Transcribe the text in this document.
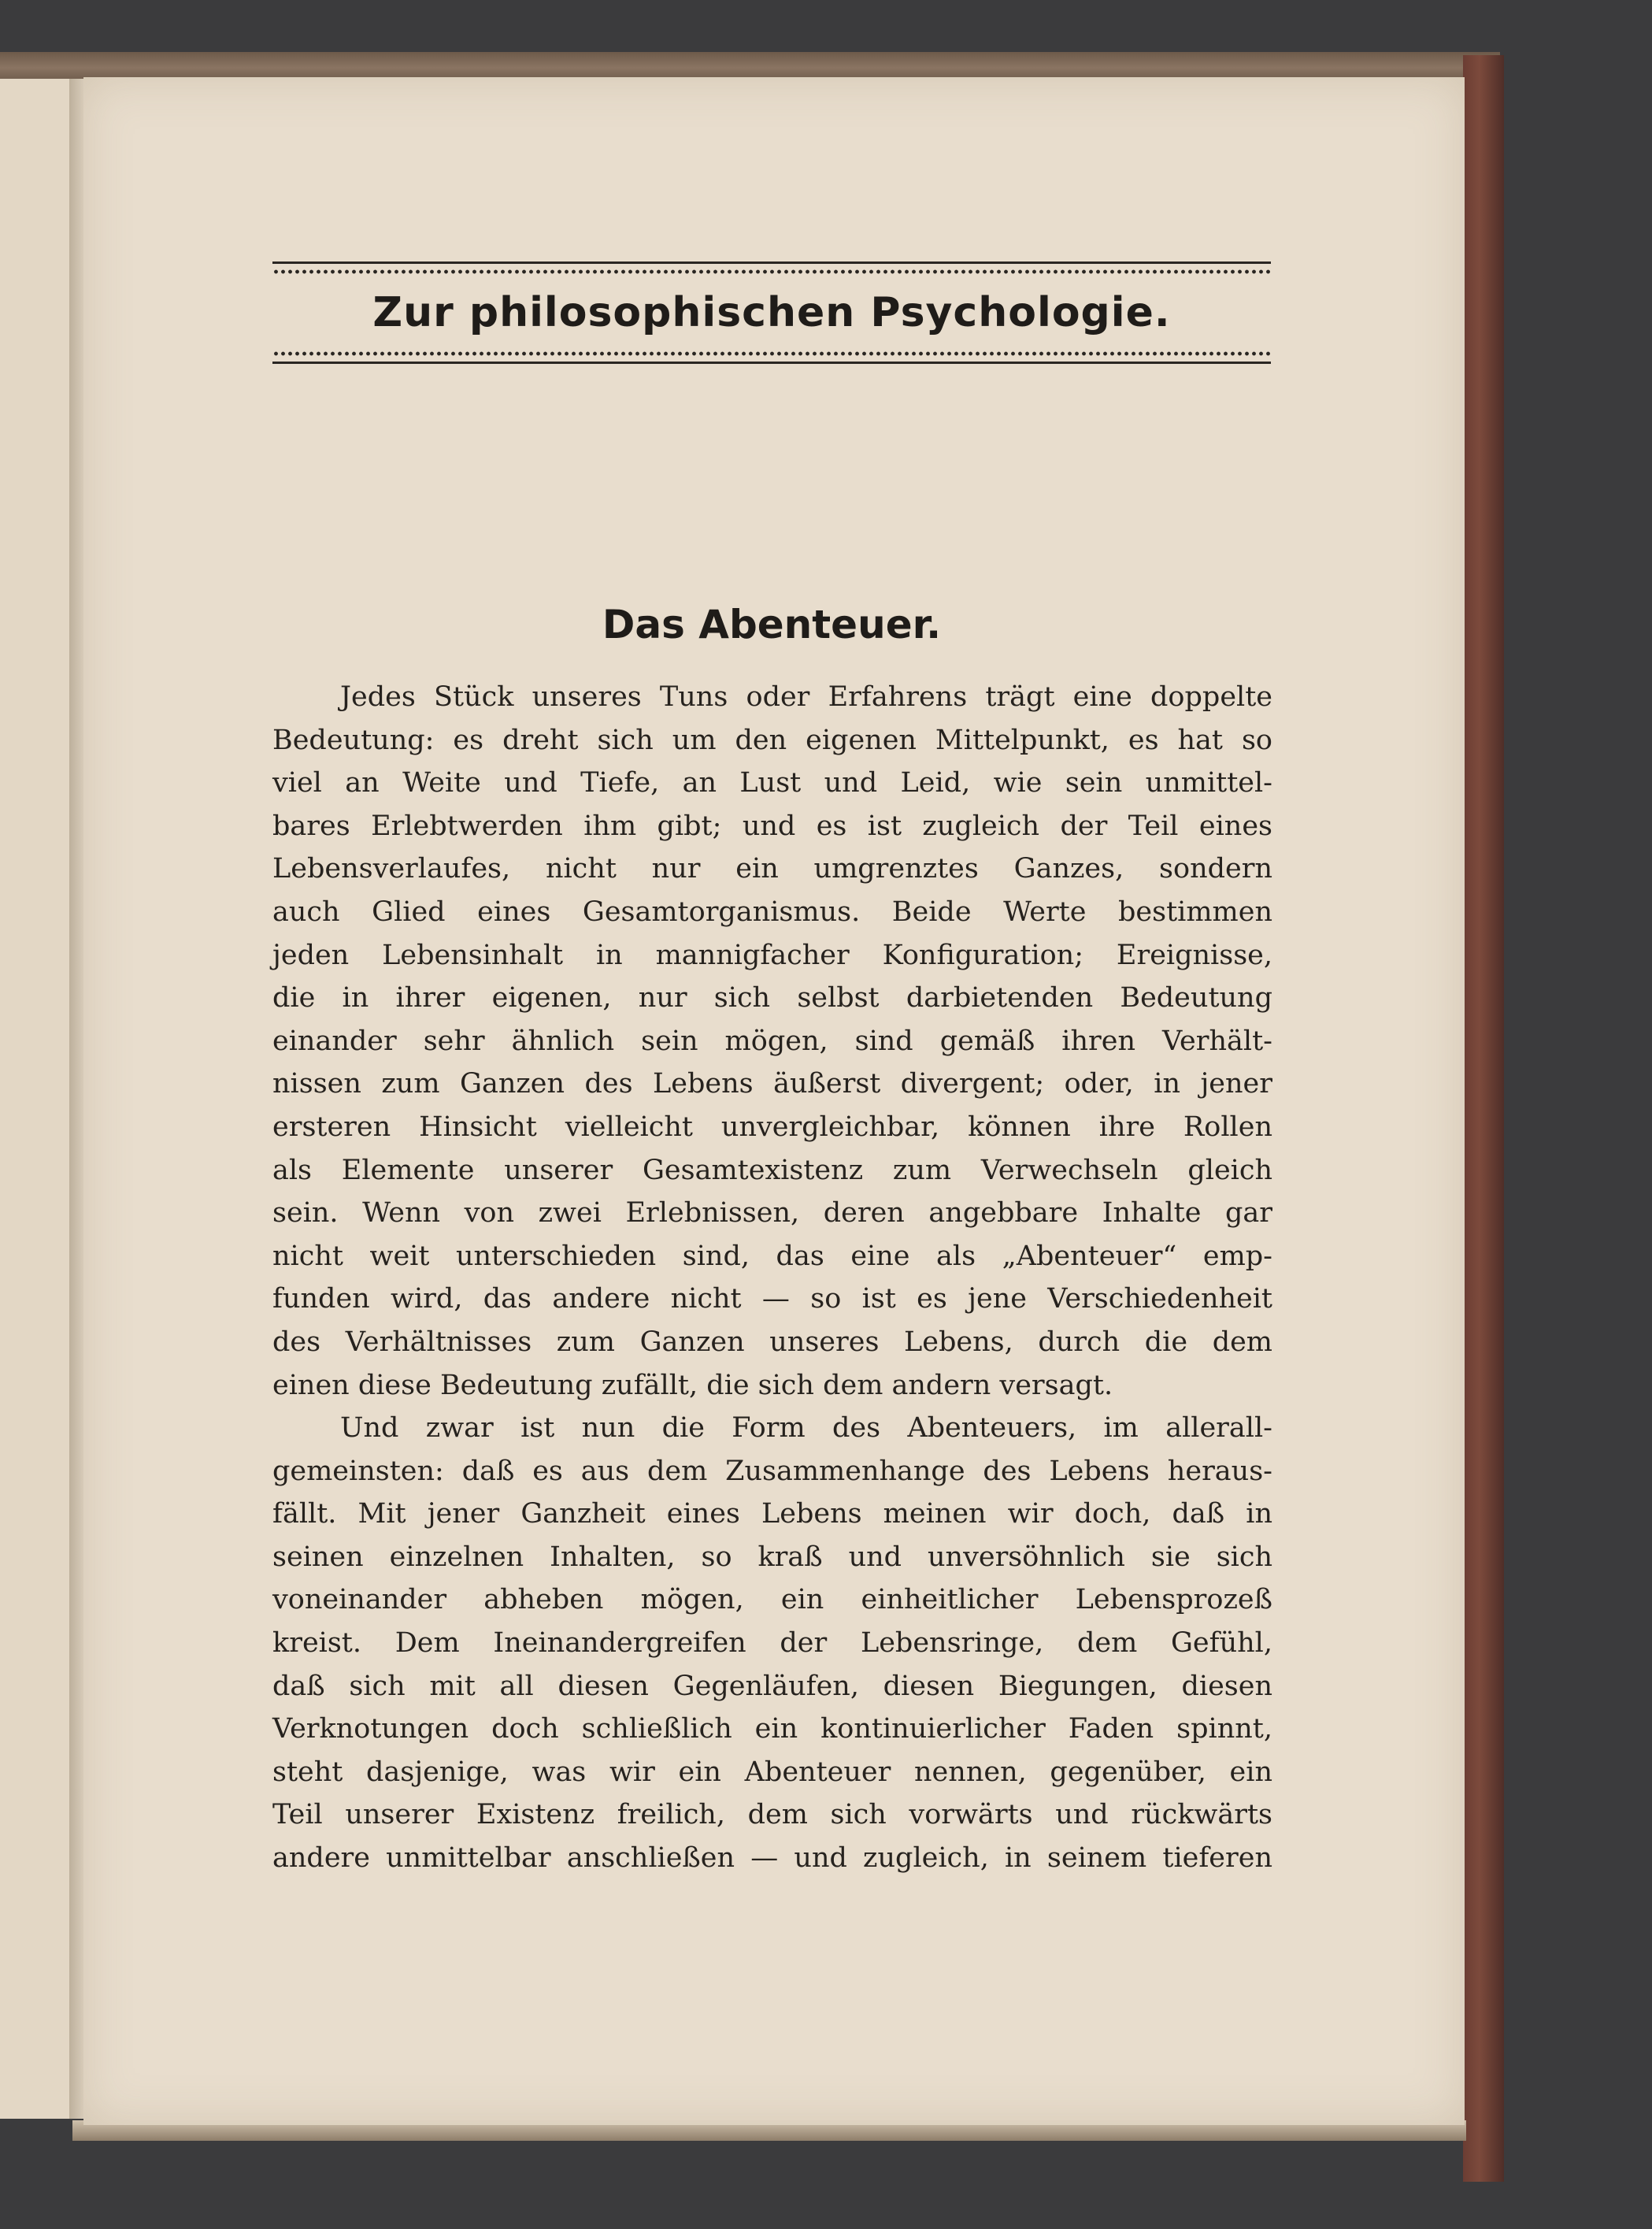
Zur philosophischen Psychologie.
Das Abenteuer.
Jedes Stück unseres Tuns oder Erfahrens trägt eine doppelte
Bedeutung: es dreht sich um den eigenen Mittelpunkt, es hat so
viel an Weite und Tiefe, an Lust und Leid, wie sein unmittel-
bares Erlebtwerden ihm gibt; und es ist zugleich der Teil eines
Lebensverlaufes, nicht nur ein umgrenztes Ganzes, sondern
auch Glied eines Gesamtorganismus. Beide Werte bestimmen
jeden Lebensinhalt in mannigfacher Konfiguration; Ereignisse,
die in ihrer eigenen, nur sich selbst darbietenden Bedeutung
einander sehr ähnlich sein mögen, sind gemäß ihren Verhält-
nissen zum Ganzen des Lebens äußerst divergent; oder, in jener
ersteren Hinsicht vielleicht unvergleichbar, können ihre Rollen
als Elemente unserer Gesamtexistenz zum Verwechseln gleich
sein. Wenn von zwei Erlebnissen, deren angebbare Inhalte gar
nicht weit unterschieden sind, das eine als „Abenteuer“ emp-
funden wird, das andere nicht — so ist es jene Verschiedenheit
des Verhältnisses zum Ganzen unseres Lebens, durch die dem
einen diese Bedeutung zufällt, die sich dem andern versagt.
Und zwar ist nun die Form des Abenteuers, im allerall-
gemeinsten: daß es aus dem Zusammenhange des Lebens heraus-
fällt. Mit jener Ganzheit eines Lebens meinen wir doch, daß in
seinen einzelnen Inhalten, so kraß und unversöhnlich sie sich
voneinander abheben mögen, ein einheitlicher Lebensprozeß
kreist. Dem Ineinandergreifen der Lebensringe, dem Gefühl,
daß sich mit all diesen Gegenläufen, diesen Biegungen, diesen
Verknotungen doch schließlich ein kontinuierlicher Faden spinnt,
steht dasjenige, was wir ein Abenteuer nennen, gegenüber, ein
Teil unserer Existenz freilich, dem sich vorwärts und rückwärts
andere unmittelbar anschließen — und zugleich, in seinem tieferen
